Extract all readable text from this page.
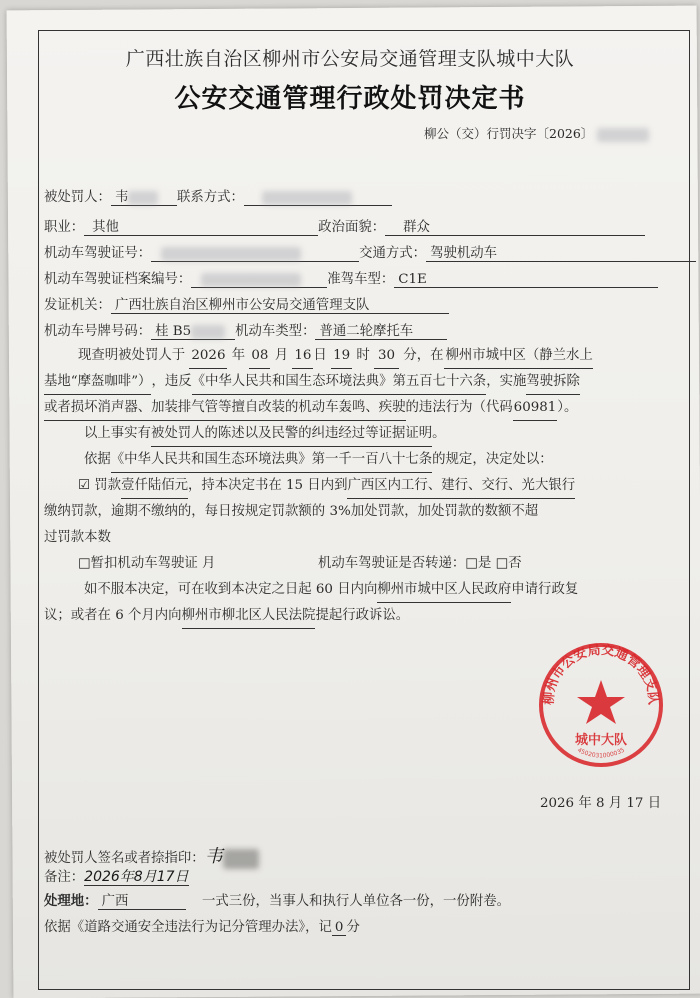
广西壮族自治区柳州市公安局交通管理支队城中大队
公安交通管理行政处罚决定书
柳公（交）行罚决字〔2026〕
被处罚人： 韦	联系方式：
职业： 其他	政治面貌： 群众
机动车驾驶证号：	交通方式： 驾驶机动车
机动车驾驶证档案编号：	准驾车型： C1E
发证机关： 广西壮族自治区柳州市公安局交通管理支队
机动车号牌号码： 桂 B5	机动车类型： 普通二轮摩托车
现查明被处罚人于 2026 年 08 月 16 日 19 时 30 分，在 柳州市城中区（静兰水上
基地“摩盔咖啡”），违反《中华人民共和国生态环境法典》第五百七十六条，实施驾驶拆除
或者损坏消声器、加装排气管等擅自改装的机动车轰鸣、疾驶的违法行为（代码60981）。
以上事实有被处罚人的陈述以及民警的纠违经过等证据证明。
依据《中华人民共和国生态环境法典》第一千一百八十七条的规定，决定处以：
☑ 罚款壹仟陆佰元，持本决定书在 15 日内到广西区内工行、建行、交行、光大银行
缴纳罚款，逾期不缴纳的，每日按规定罚款额的 3%加处罚款，加处罚款的数额不超
过罚款本数
□暂扣机动车驾驶证 月	机动车驾驶证是否转递：□是 □否
如不服本决定，可在收到本决定之日起 60 日内向柳州市城中区人民政府申请行政复
议；或者在 6 个月内向柳州市柳北区人民法院提起行政诉讼。
柳州市公安局交通管理支队
城中大队
4502031000035
2026 年 8 月 17 日
被处罚人签名或者捺指印：韦
备注：2026年8月17日
处理地： 广西	一式三份，当事人和执行人单位各一份，一份附卷。
依据《道路交通安全违法行为记分管理办法》，记 0 分
